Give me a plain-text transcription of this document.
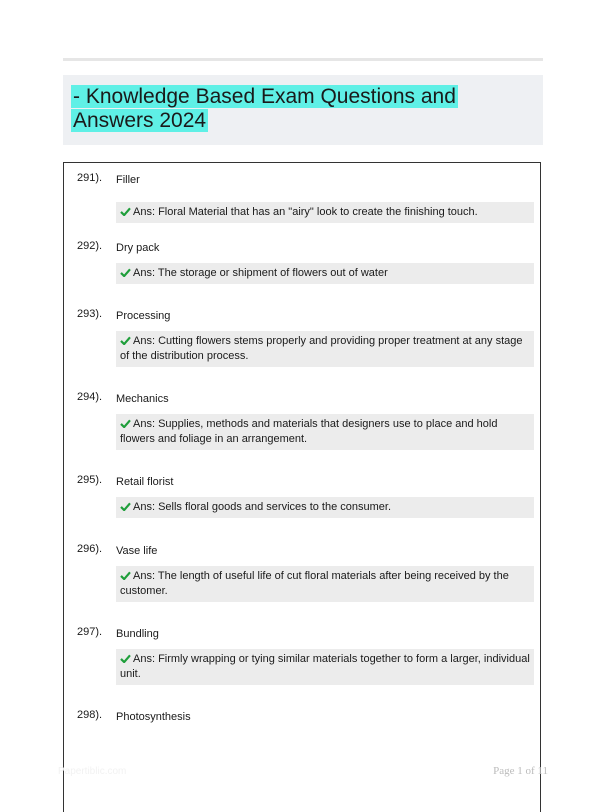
- Knowledge Based Exam Questions and Answers 2024
291). Filler
Ans: Floral Material that has an "airy" look to create the finishing touch.
292). Dry pack
Ans: The storage or shipment of flowers out of water
293). Processing
Ans: Cutting flowers stems properly and providing proper treatment at any stage of the distribution process.
294). Mechanics
Ans: Supplies, methods and materials that designers use to place and hold flowers and foliage in an arrangement.
295). Retail florist
Ans: Sells floral goods and services to the consumer.
296). Vase life
Ans: The length of useful life of cut floral materials after being received by the customer.
297). Bundling
Ans: Firmly wrapping or tying similar materials together to form a larger, individual unit.
298). Photosynthesis
Papertiblic.com	Page 1 of 11
